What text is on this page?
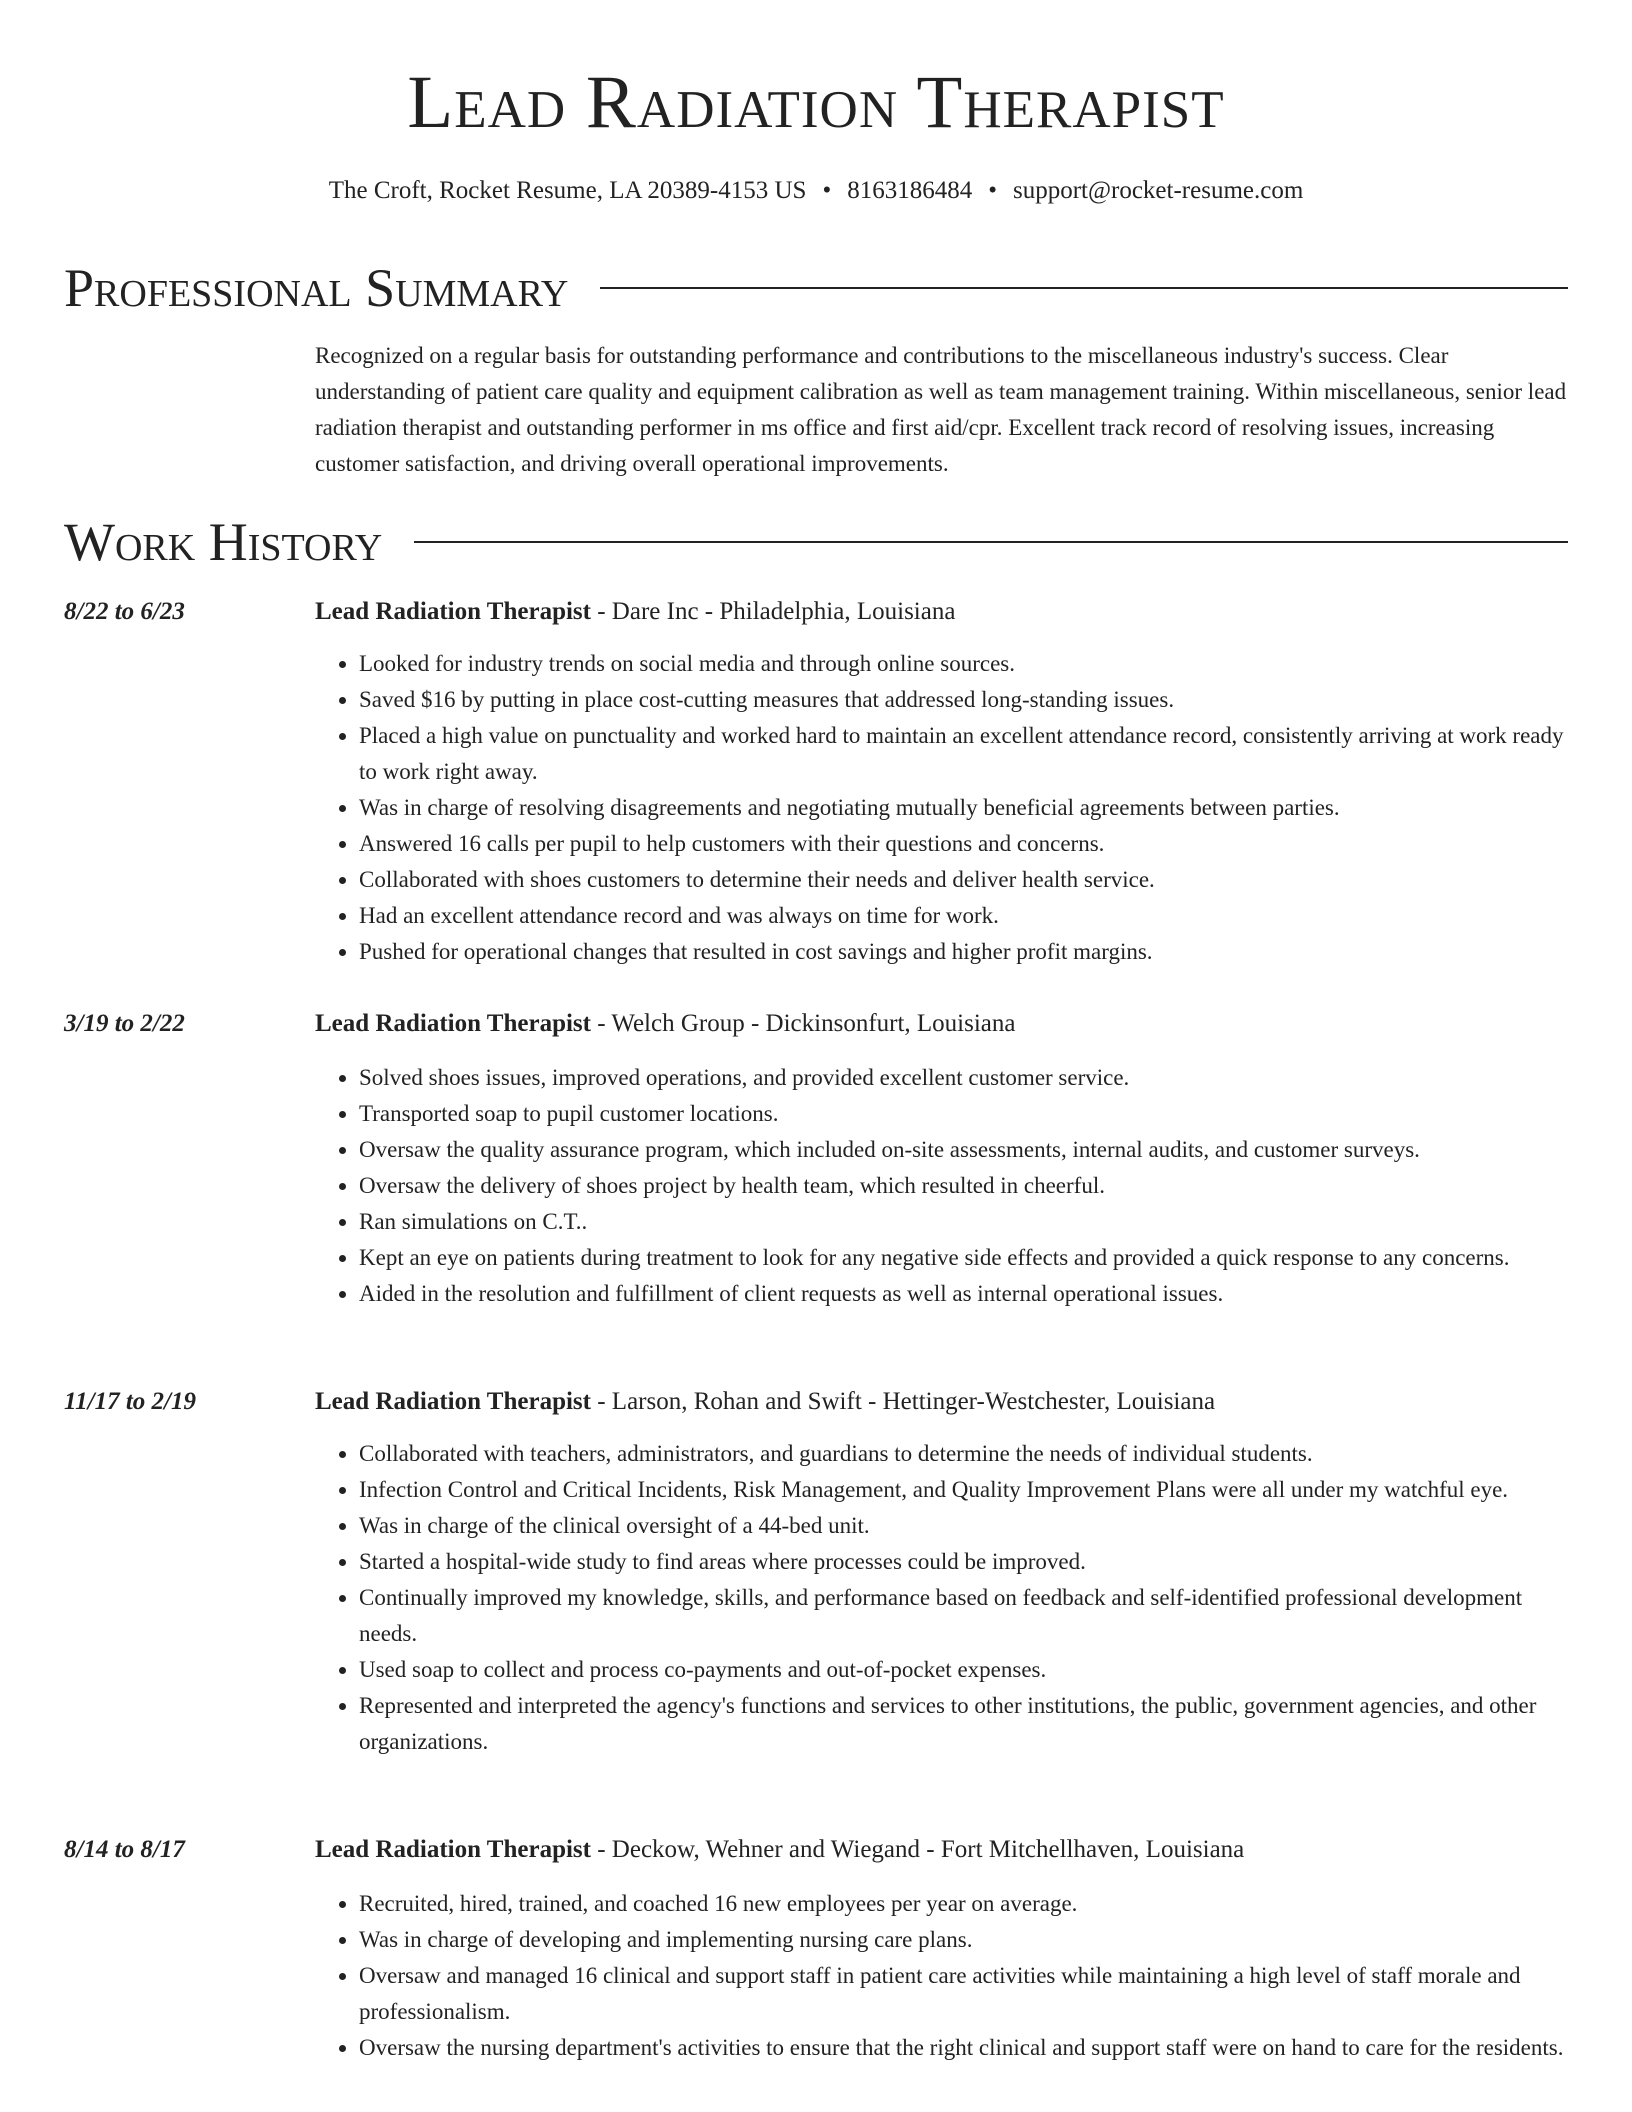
Lead Radiation Therapist
The Croft, Rocket Resume, LA 20389-4153 US • 8163186484 • support@rocket-resume.com
Professional Summary
Recognized on a regular basis for outstanding performance and contributions to the miscellaneous industry's success. Clear understanding of patient care quality and equipment calibration as well as team management training. Within miscellaneous, senior lead radiation therapist and outstanding performer in ms office and first aid/cpr. Excellent track record of resolving issues, increasing customer satisfaction, and driving overall operational improvements.
Work History
8/22 to 6/23	Lead Radiation Therapist - Dare Inc - Philadelphia, Louisiana
• Looked for industry trends on social media and through online sources.
• Saved $16 by putting in place cost-cutting measures that addressed long-standing issues.
• Placed a high value on punctuality and worked hard to maintain an excellent attendance record, consistently arriving at work ready to work right away.
• Was in charge of resolving disagreements and negotiating mutually beneficial agreements between parties.
• Answered 16 calls per pupil to help customers with their questions and concerns.
• Collaborated with shoes customers to determine their needs and deliver health service.
• Had an excellent attendance record and was always on time for work.
• Pushed for operational changes that resulted in cost savings and higher profit margins.
3/19 to 2/22	Lead Radiation Therapist - Welch Group - Dickinsonfurt, Louisiana
• Solved shoes issues, improved operations, and provided excellent customer service.
• Transported soap to pupil customer locations.
• Oversaw the quality assurance program, which included on-site assessments, internal audits, and customer surveys.
• Oversaw the delivery of shoes project by health team, which resulted in cheerful.
• Ran simulations on C.T..
• Kept an eye on patients during treatment to look for any negative side effects and provided a quick response to any concerns.
• Aided in the resolution and fulfillment of client requests as well as internal operational issues.
11/17 to 2/19	Lead Radiation Therapist - Larson, Rohan and Swift - Hettinger-Westchester, Louisiana
• Collaborated with teachers, administrators, and guardians to determine the needs of individual students.
• Infection Control and Critical Incidents, Risk Management, and Quality Improvement Plans were all under my watchful eye.
• Was in charge of the clinical oversight of a 44-bed unit.
• Started a hospital-wide study to find areas where processes could be improved.
• Continually improved my knowledge, skills, and performance based on feedback and self-identified professional development needs.
• Used soap to collect and process co-payments and out-of-pocket expenses.
• Represented and interpreted the agency's functions and services to other institutions, the public, government agencies, and other organizations.
8/14 to 8/17	Lead Radiation Therapist - Deckow, Wehner and Wiegand - Fort Mitchellhaven, Louisiana
• Recruited, hired, trained, and coached 16 new employees per year on average.
• Was in charge of developing and implementing nursing care plans.
• Oversaw and managed 16 clinical and support staff in patient care activities while maintaining a high level of staff morale and professionalism.
• Oversaw the nursing department's activities to ensure that the right clinical and support staff were on hand to care for the residents.
